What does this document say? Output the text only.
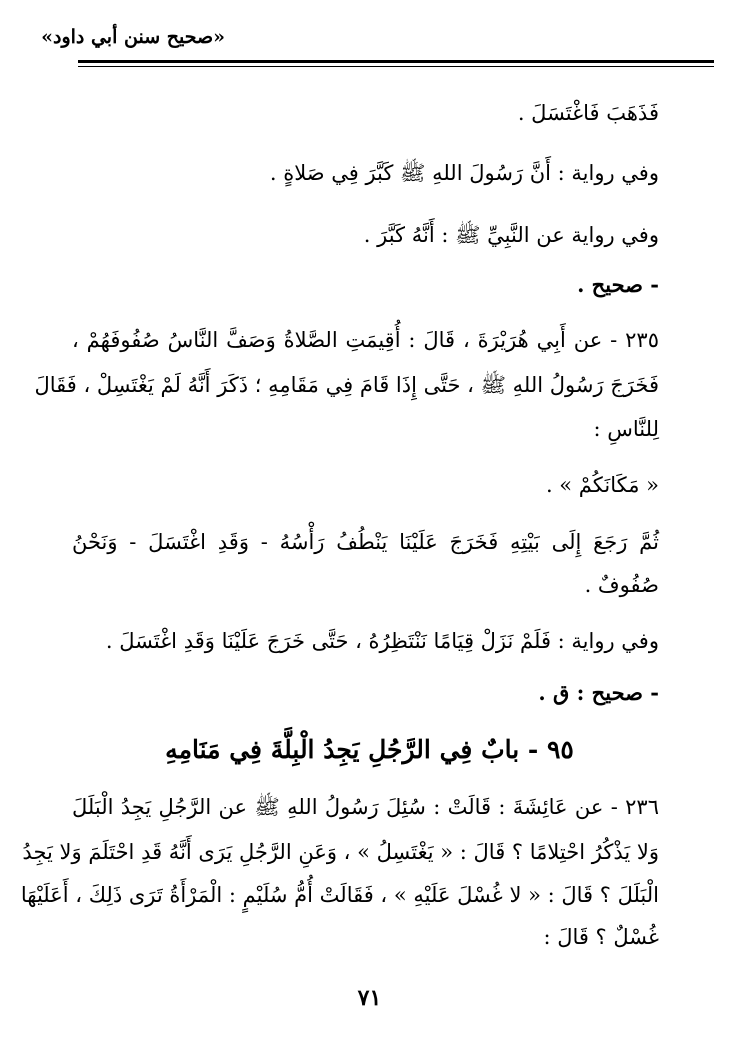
«صحيح سنن أبي داود»
فَذَهَبَ فَاغْتَسَلَ .
وفي رواية : أَنَّ رَسُولَ اللهِ ﷺ كَبَّرَ فِي صَلاةٍ .
وفي رواية عن النَّبِيِّ ﷺ : أَنَّهُ كَبَّرَ .
- صحيح .
٢٣٥ - عن أَبِي هُرَيْرَةَ ، قَالَ : أُقِيمَتِ الصَّلاةُ وَصَفَّ النَّاسُ صُفُوفَهُمْ ،
فَخَرَجَ رَسُولُ اللهِ ﷺ ، حَتَّى إِذَا قَامَ فِي مَقَامِهِ ؛ ذَكَرَ أَنَّهُ لَمْ يَغْتَسِلْ ، فَقَالَ
لِلنَّاسِ :
« مَكَانَكُمْ » .
ثُمَّ رَجَعَ إِلَى بَيْتِهِ فَخَرَجَ عَلَيْنَا يَنْطُفُ رَأْسُهُ - وَقَدِ اغْتَسَلَ - وَنَحْنُ
صُفُوفٌ .
وفي رواية : فَلَمْ نَزَلْ قِيَامًا نَنْتَظِرُهُ ، حَتَّى خَرَجَ عَلَيْنَا وَقَدِ اغْتَسَلَ .
- صحيح : ق .
٩٥ - بابٌ فِي الرَّجُلِ يَجِدُ الْبِلَّةَ فِي مَنَامِهِ
٢٣٦ - عن عَائِشَةَ : قَالَتْ : سُئِلَ رَسُولُ اللهِ ﷺ عن الرَّجُلِ يَجِدُ الْبَلَلَ
وَلا يَذْكُرُ احْتِلامًا ؟ قَالَ : « يَغْتَسِلُ » ، وَعَنِ الرَّجُلِ يَرَى أَنَّهُ قَدِ احْتَلَمَ وَلا يَجِدُ
الْبَلَلَ ؟ قَالَ : « لا غُسْلَ عَلَيْهِ » ، فَقَالَتْ أُمُّ سُلَيْمٍ : الْمَرْأَةُ تَرَى ذَلِكَ ، أَعَلَيْهَا
غُسْلٌ ؟ قَالَ :
٧١
